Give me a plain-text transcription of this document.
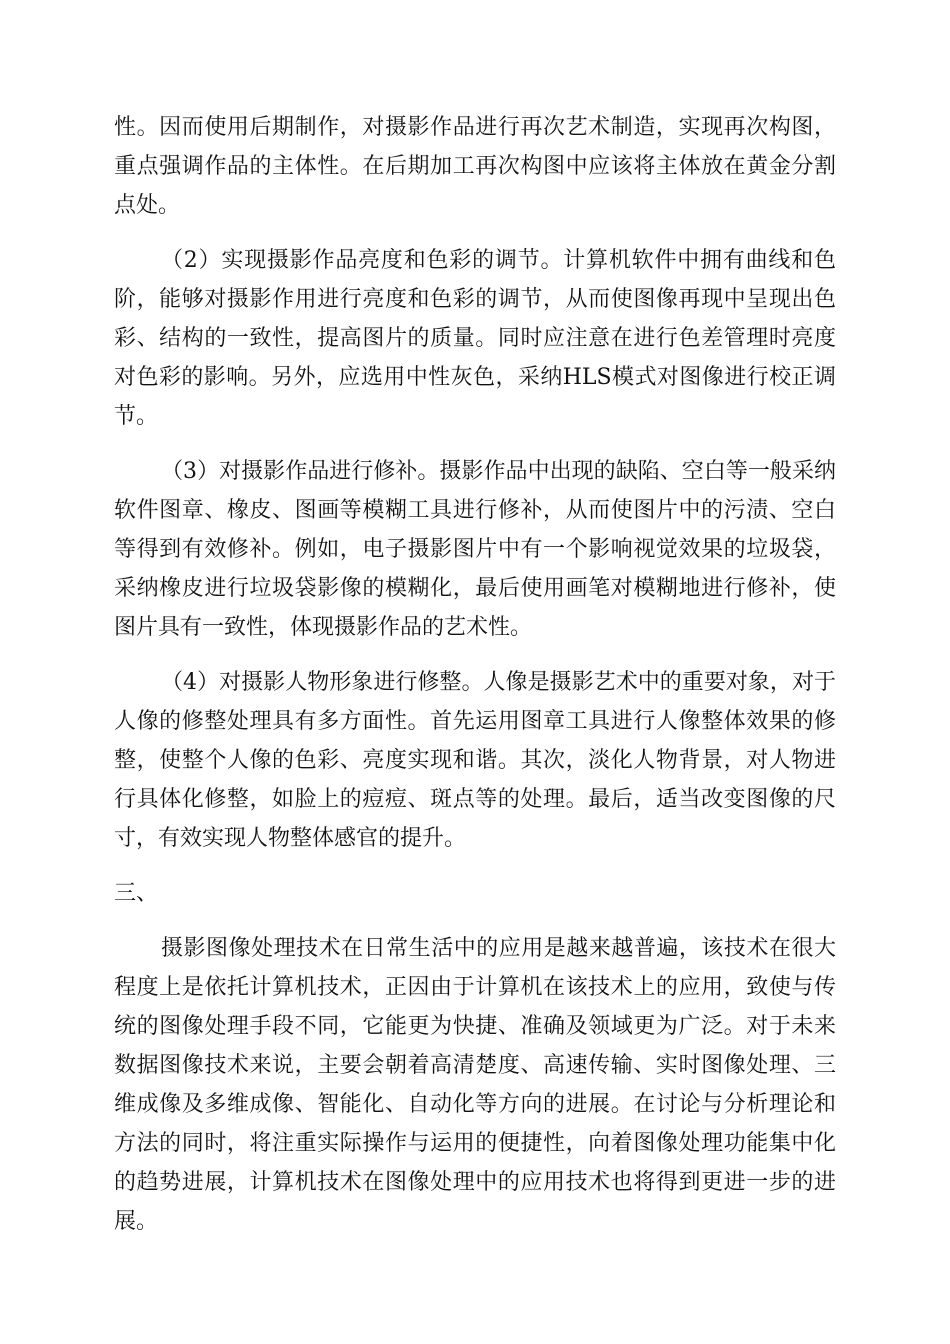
性。因而使用后期制作，对摄影作品进行再次艺术制造，实现再次构图，重点强调作品的主体性。在后期加工再次构图中应该将主体放在黄金分割点处。

（2）实现摄影作品亮度和色彩的调节。计算机软件中拥有曲线和色阶，能够对摄影作用进行亮度和色彩的调节，从而使图像再现中呈现出色彩、结构的一致性，提高图片的质量。同时应注意在进行色差管理时亮度对色彩的影响。另外，应选用中性灰色，采纳HLS模式对图像进行校正调节。

（3）对摄影作品进行修补。摄影作品中出现的缺陷、空白等一般采纳软件图章、橡皮、图画等模糊工具进行修补，从而使图片中的污渍、空白等得到有效修补。例如，电子摄影图片中有一个影响视觉效果的垃圾袋，采纳橡皮进行垃圾袋影像的模糊化，最后使用画笔对模糊地进行修补，使图片具有一致性，体现摄影作品的艺术性。

（4）对摄影人物形象进行修整。人像是摄影艺术中的重要对象，对于人像的修整处理具有多方面性。首先运用图章工具进行人像整体效果的修整，使整个人像的色彩、亮度实现和谐。其次，淡化人物背景，对人物进行具体化修整，如脸上的痘痘、斑点等的处理。最后，适当改变图像的尺寸，有效实现人物整体感官的提升。

三、

摄影图像处理技术在日常生活中的应用是越来越普遍，该技术在很大程度上是依托计算机技术，正因由于计算机在该技术上的应用，致使与传统的图像处理手段不同，它能更为快捷、准确及领域更为广泛。对于未来数据图像技术来说，主要会朝着高清楚度、高速传输、实时图像处理、三维成像及多维成像、智能化、自动化等方向的进展。在讨论与分析理论和方法的同时，将注重实际操作与运用的便捷性，向着图像处理功能集中化的趋势进展，计算机技术在图像处理中的应用技术也将得到更进一步的进展。
